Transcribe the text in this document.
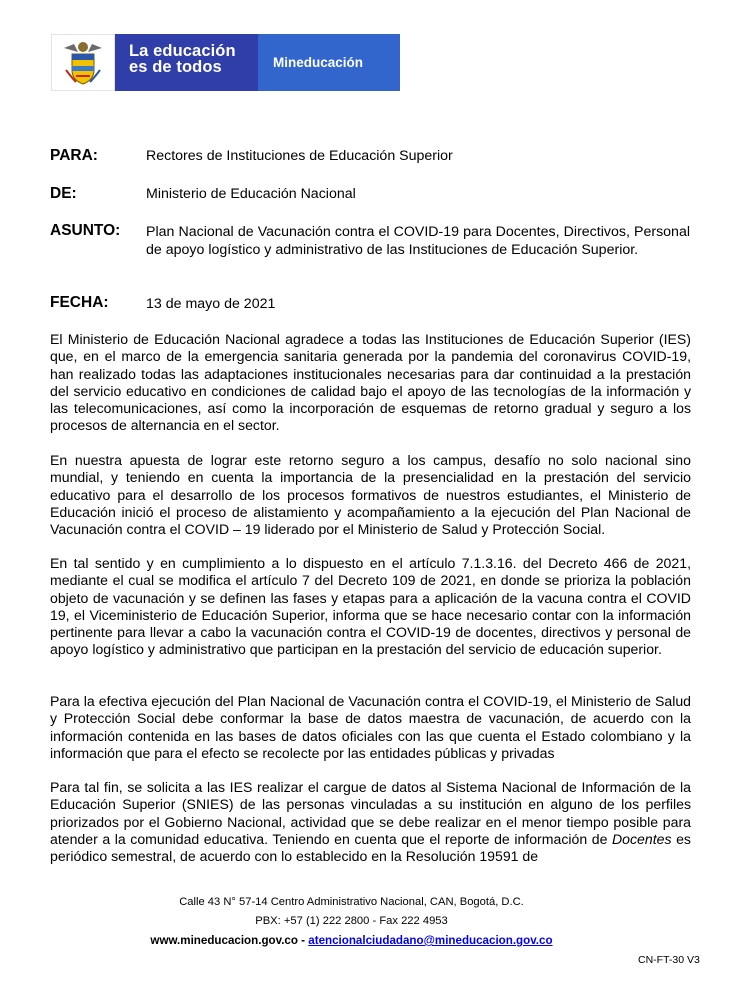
La educación
es de todos	Mineducación
PARA:	Rectores de Instituciones de Educación Superior
DE:	Ministerio de Educación Nacional
ASUNTO: Plan Nacional de Vacunación contra el COVID-19 para Docentes, Directivos, Personal de apoyo logístico y administrativo de las Instituciones de Educación Superior.
FECHA:	13 de mayo de 2021

El Ministerio de Educación Nacional agradece a todas las Instituciones de Educación Superior (IES) que, en el marco de la emergencia sanitaria generada por la pandemia del coronavirus COVID-19, han realizado todas las adaptaciones institucionales necesarias para dar continuidad a la prestación del servicio educativo en condiciones de calidad bajo el apoyo de las tecnologías de la información y las telecomunicaciones, así como la incorporación de esquemas de retorno gradual y seguro a los procesos de alternancia en el sector.

En nuestra apuesta de lograr este retorno seguro a los campus, desafío no solo nacional sino mundial, y teniendo en cuenta la importancia de la presencialidad en la prestación del servicio educativo para el desarrollo de los procesos formativos de nuestros estudiantes, el Ministerio de Educación inició el proceso de alistamiento y acompañamiento a la ejecución del Plan Nacional de Vacunación contra el COVID – 19 liderado por el Ministerio de Salud y Protección Social.

En tal sentido y en cumplimiento a lo dispuesto en el artículo 7.1.3.16. del Decreto 466 de 2021, mediante el cual se modifica el artículo 7 del Decreto 109 de 2021, en donde se prioriza la población objeto de vacunación y se definen las fases y etapas para a aplicación de la vacuna contra el COVID 19, el Viceministerio de Educación Superior, informa que se hace necesario contar con la información pertinente para llevar a cabo la vacunación contra el COVID-19 de docentes, directivos y personal de apoyo logístico y administrativo que participan en la prestación del servicio de educación superior.

Para la efectiva ejecución del Plan Nacional de Vacunación contra el COVID-19, el Ministerio de Salud y Protección Social debe conformar la base de datos maestra de vacunación, de acuerdo con la información contenida en las bases de datos oficiales con las que cuenta el Estado colombiano y la información que para el efecto se recolecte por las entidades públicas y privadas

Para tal fin, se solicita a las IES realizar el cargue de datos al Sistema Nacional de Información de la Educación Superior (SNIES) de las personas vinculadas a su institución en alguno de los perfiles priorizados por el Gobierno Nacional, actividad que se debe realizar en el menor tiempo posible para atender a la comunidad educativa. Teniendo en cuenta que el reporte de información de Docentes es periódico semestral, de acuerdo con lo establecido en la Resolución 19591 de

Calle 43 N° 57-14 Centro Administrativo Nacional, CAN, Bogotá, D.C.
PBX: +57 (1) 222 2800 - Fax 222 4953
www.mineducacion.gov.co - atencionalciudadano@mineducacion.gov.co
CN-FT-30 V3
